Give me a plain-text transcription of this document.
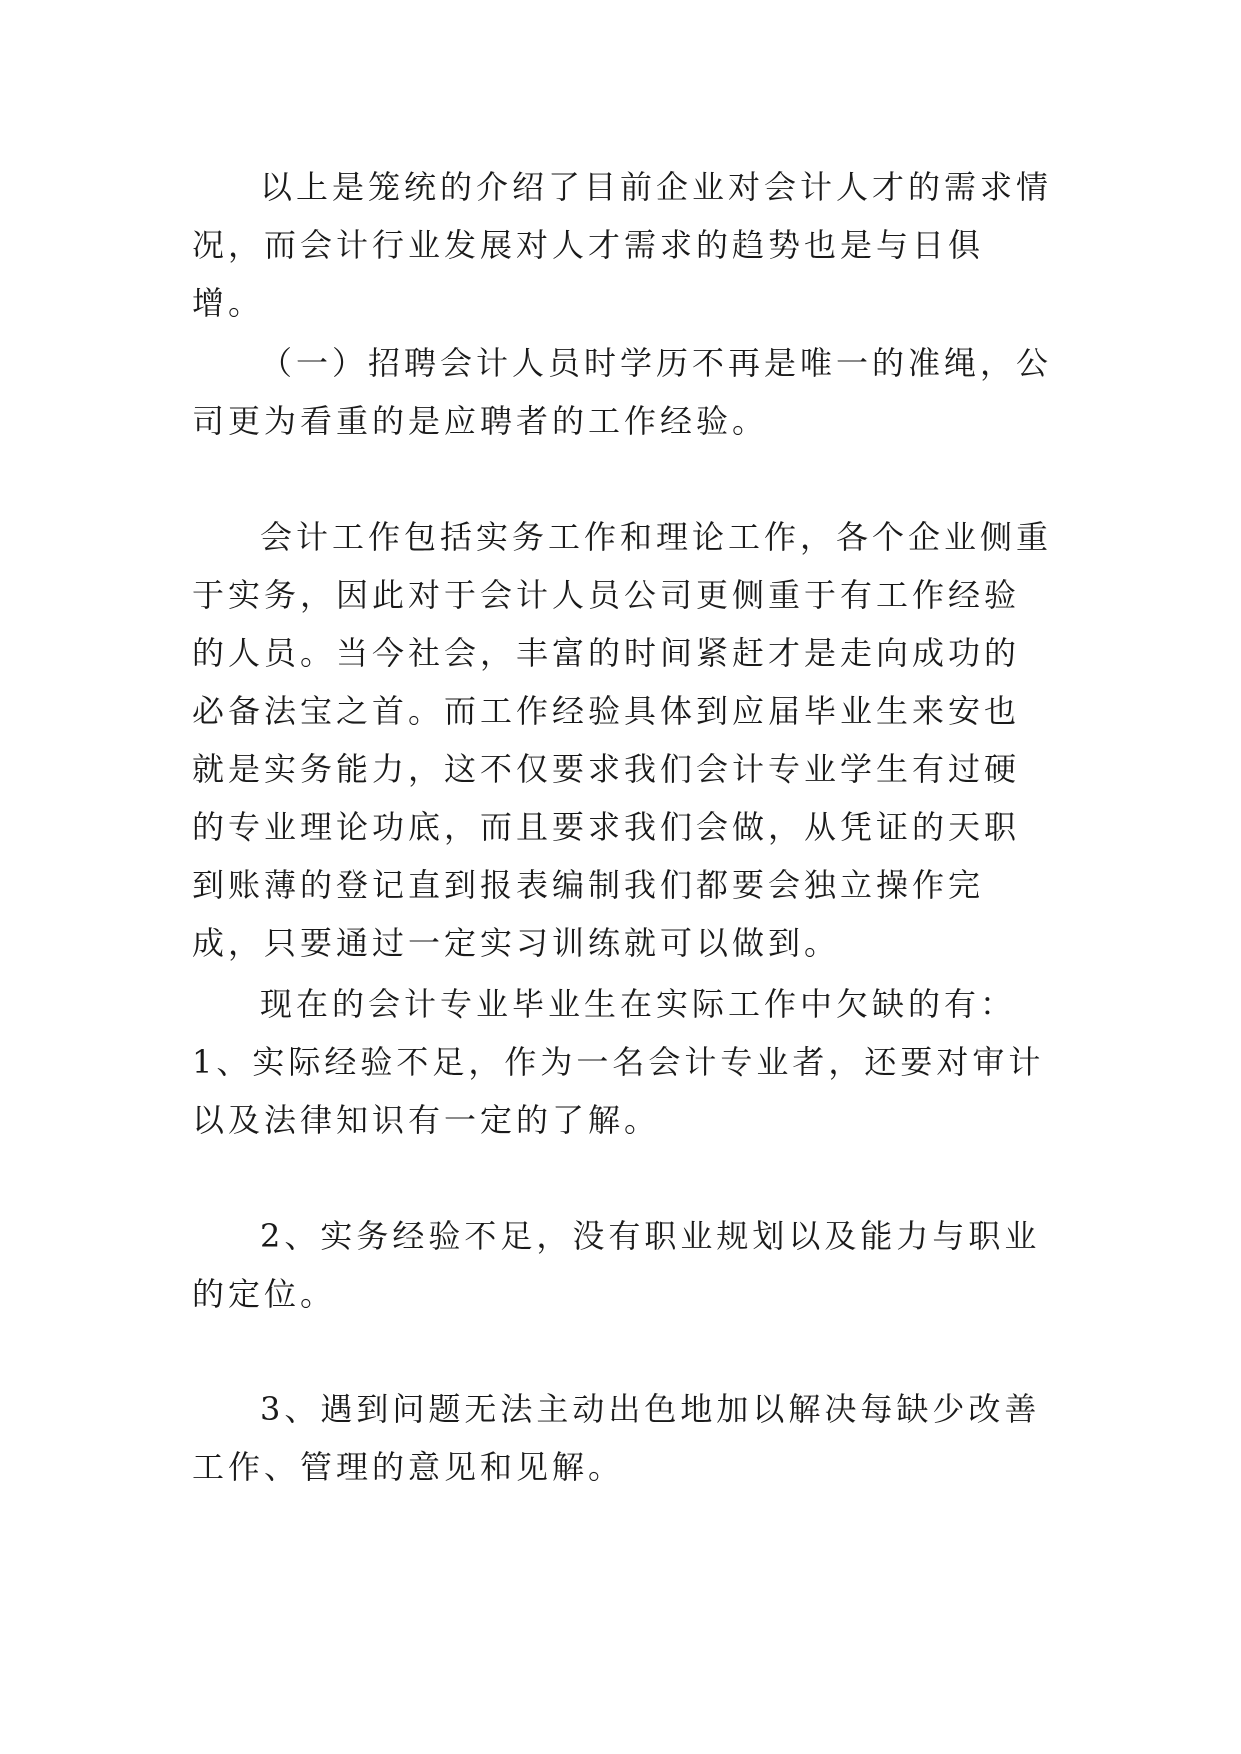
以上是笼统的介绍了目前企业对会计人才的需求情况，而会计行业发展对人才需求的趋势也是与日俱增。

（一）招聘会计人员时学历不再是唯一的准绳，公司更为看重的是应聘者的工作经验。

会计工作包括实务工作和理论工作，各个企业侧重于实务，因此对于会计人员公司更侧重于有工作经验的人员。当今社会，丰富的时间紧赶才是走向成功的必备法宝之首。而工作经验具体到应届毕业生来安也就是实务能力，这不仅要求我们会计专业学生有过硬的专业理论功底，而且要求我们会做，从凭证的天职到账薄的登记直到报表编制我们都要会独立操作完成，只要通过一定实习训练就可以做到。

现在的会计专业毕业生在实际工作中欠缺的有：1、实际经验不足，作为一名会计专业者，还要对审计以及法律知识有一定的了解。

2、实务经验不足，没有职业规划以及能力与职业的定位。

3、遇到问题无法主动出色地加以解决每缺少改善工作、管理的意见和见解。
